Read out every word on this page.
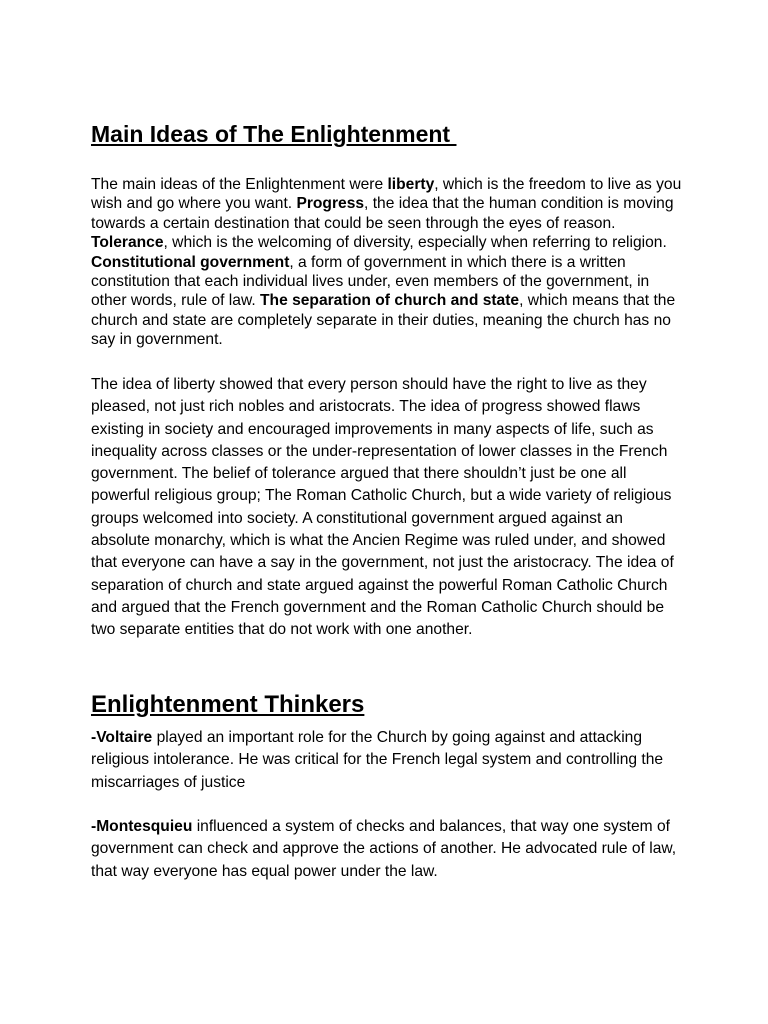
Main Ideas of The Enlightenment

The main ideas of the Enlightenment were liberty, which is the freedom to live as you wish and go where you want. Progress, the idea that the human condition is moving towards a certain destination that could be seen through the eyes of reason. Tolerance, which is the welcoming of diversity, especially when referring to religion. Constitutional government, a form of government in which there is a written constitution that each individual lives under, even members of the government, in other words, rule of law. The separation of church and state, which means that the church and state are completely separate in their duties, meaning the church has no say in government.

The idea of liberty showed that every person should have the right to live as they pleased, not just rich nobles and aristocrats. The idea of progress showed flaws existing in society and encouraged improvements in many aspects of life, such as inequality across classes or the under-representation of lower classes in the French government. The belief of tolerance argued that there shouldn’t just be one all powerful religious group; The Roman Catholic Church, but a wide variety of religious groups welcomed into society. A constitutional government argued against an absolute monarchy, which is what the Ancien Regime was ruled under, and showed that everyone can have a say in the government, not just the aristocracy. The idea of separation of church and state argued against the powerful Roman Catholic Church and argued that the French government and the Roman Catholic Church should be two separate entities that do not work with one another.

Enlightenment Thinkers

-Voltaire played an important role for the Church by going against and attacking religious intolerance. He was critical for the French legal system and controlling the miscarriages of justice

-Montesquieu influenced a system of checks and balances, that way one system of government can check and approve the actions of another. He advocated rule of law, that way everyone has equal power under the law.
